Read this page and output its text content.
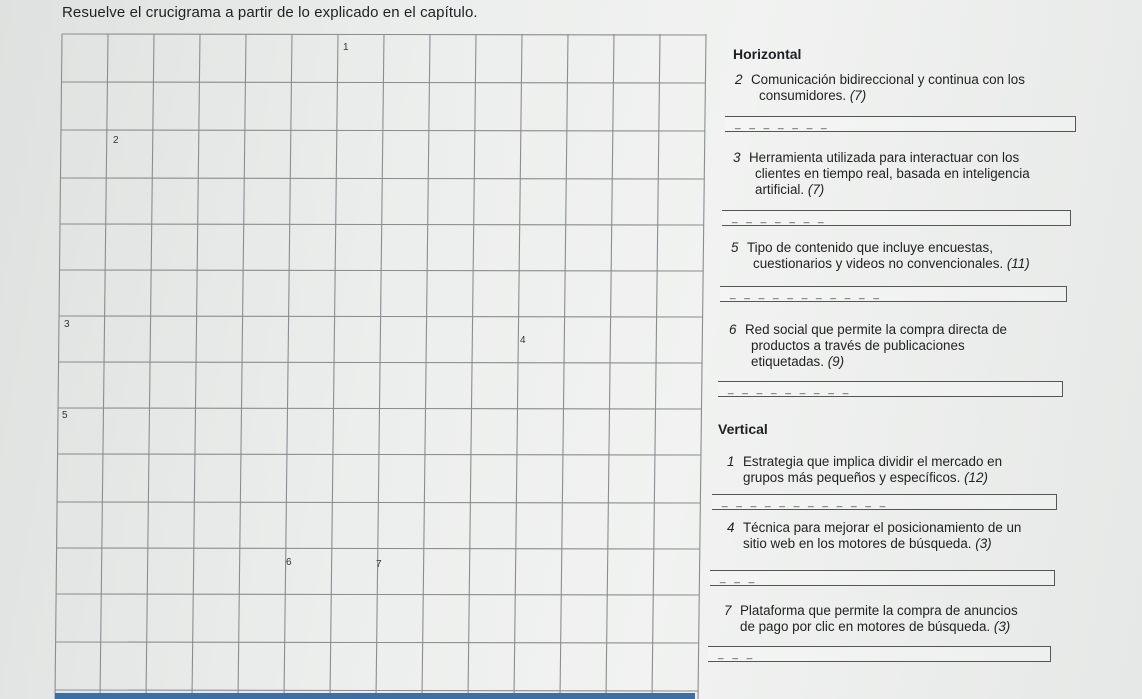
Resuelve el crucigrama a partir de lo explicado en el capítulo.
1
2
3
4
5
6	7
Horizontal
2 Comunicación bidireccional y continua con los
consumidores. (7)
_ _ _ _ _ _ _
3 Herramienta utilizada para interactuar con los
clientes en tiempo real, basada en inteligencia
artificial. (7)
_ _ _ _ _ _ _
5 Tipo de contenido que incluye encuestas,
cuestionarios y videos no convencionales. (11)
_ _ _ _ _ _ _ _ _ _ _
6 Red social que permite la compra directa de
productos a través de publicaciones
etiquetadas. (9)
_ _ _ _ _ _ _ _ _
Vertical
1 Estrategia que implica dividir el mercado en
grupos más pequeños y específicos. (12)
_ _ _ _ _ _ _ _ _ _ _ _
4 Técnica para mejorar el posicionamiento de un
sitio web en los motores de búsqueda. (3)
_ _ _
7 Plataforma que permite la compra de anuncios
de pago por clic en motores de búsqueda. (3)
_ _ _
